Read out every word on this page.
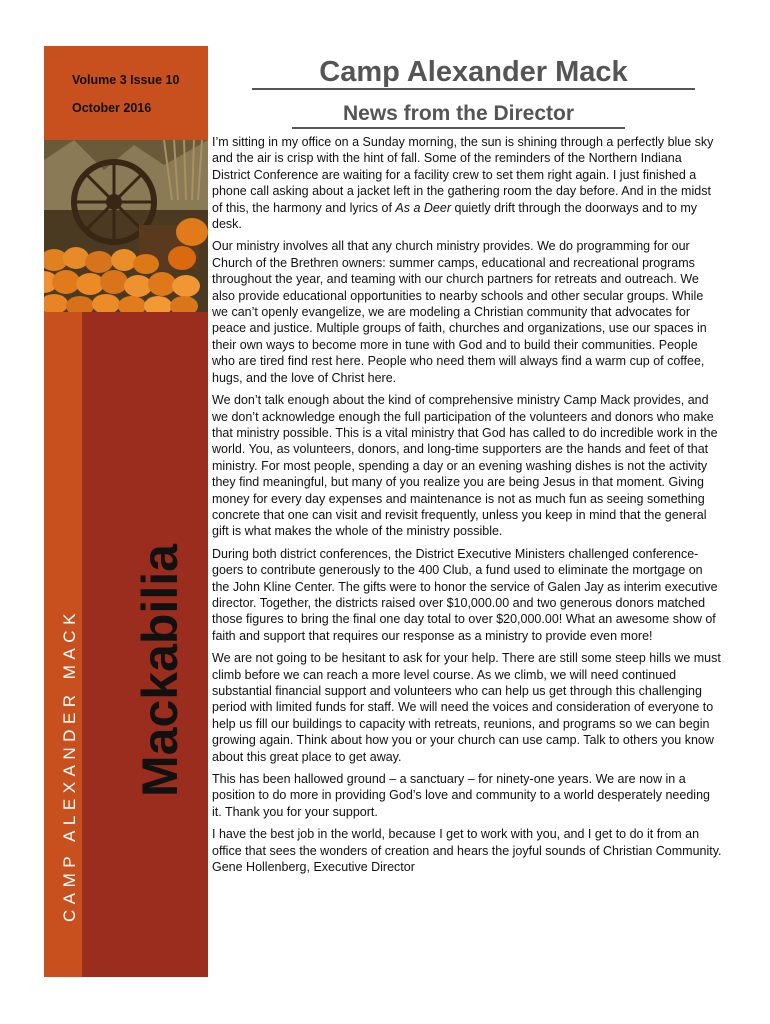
Volume 3 Issue 10
October 2016
CAMP ALEXANDER MACK Mackabilia
Camp Alexander Mack
News from the Director

I’m sitting in my office on a Sunday morning, the sun is shining through a perfectly blue sky and the air is crisp with the hint of fall. Some of the reminders of the Northern Indiana District Conference are waiting for a facility crew to set them right again. I just finished a phone call asking about a jacket left in the gathering room the day before. And in the midst of this, the harmony and lyrics of As a Deer quietly drift through the doorways and to my desk.

Our ministry involves all that any church ministry provides. We do programming for our Church of the Brethren owners: summer camps, educational and recreational programs throughout the year, and teaming with our church partners for retreats and outreach. We also provide educational opportunities to nearby schools and other secular groups. While we can’t openly evangelize, we are modeling a Christian community that advocates for peace and justice. Multiple groups of faith, churches and organizations, use our spaces in their own ways to become more in tune with God and to build their communities. People who are tired find rest here. People who need them will always find a warm cup of coffee, hugs, and the love of Christ here.

We don’t talk enough about the kind of comprehensive ministry Camp Mack provides, and we don’t acknowledge enough the full participation of the volunteers and donors who make that ministry possible. This is a vital ministry that God has called to do incredible work in the world. You, as volunteers, donors, and long-time supporters are the hands and feet of that ministry. For most people, spending a day or an evening washing dishes is not the activity they find meaningful, but many of you realize you are being Jesus in that moment. Giving money for every day expenses and maintenance is not as much fun as seeing something concrete that one can visit and revisit frequently, unless you keep in mind that the general gift is what makes the whole of the ministry possible.

During both district conferences, the District Executive Ministers challenged conference-goers to contribute generously to the 400 Club, a fund used to eliminate the mortgage on the John Kline Center. The gifts were to honor the service of Galen Jay as interim executive director. Together, the districts raised over $10,000.00 and two generous donors matched those figures to bring the final one day total to over $20,000.00! What an awesome show of faith and support that requires our response as a ministry to provide even more!

We are not going to be hesitant to ask for your help. There are still some steep hills we must climb before we can reach a more level course. As we climb, we will need continued substantial financial support and volunteers who can help us get through this challenging period with limited funds for staff. We will need the voices and consideration of everyone to help us fill our buildings to capacity with retreats, reunions, and programs so we can begin growing again. Think about how you or your church can use camp. Talk to others you know about this great place to get away.

This has been hallowed ground – a sanctuary – for ninety-one years. We are now in a position to do more in providing God’s love and community to a world desperately needing it. Thank you for your support.

I have the best job in the world, because I get to work with you, and I get to do it from an office that sees the wonders of creation and hears the joyful sounds of Christian Community.
Gene Hollenberg, Executive Director
